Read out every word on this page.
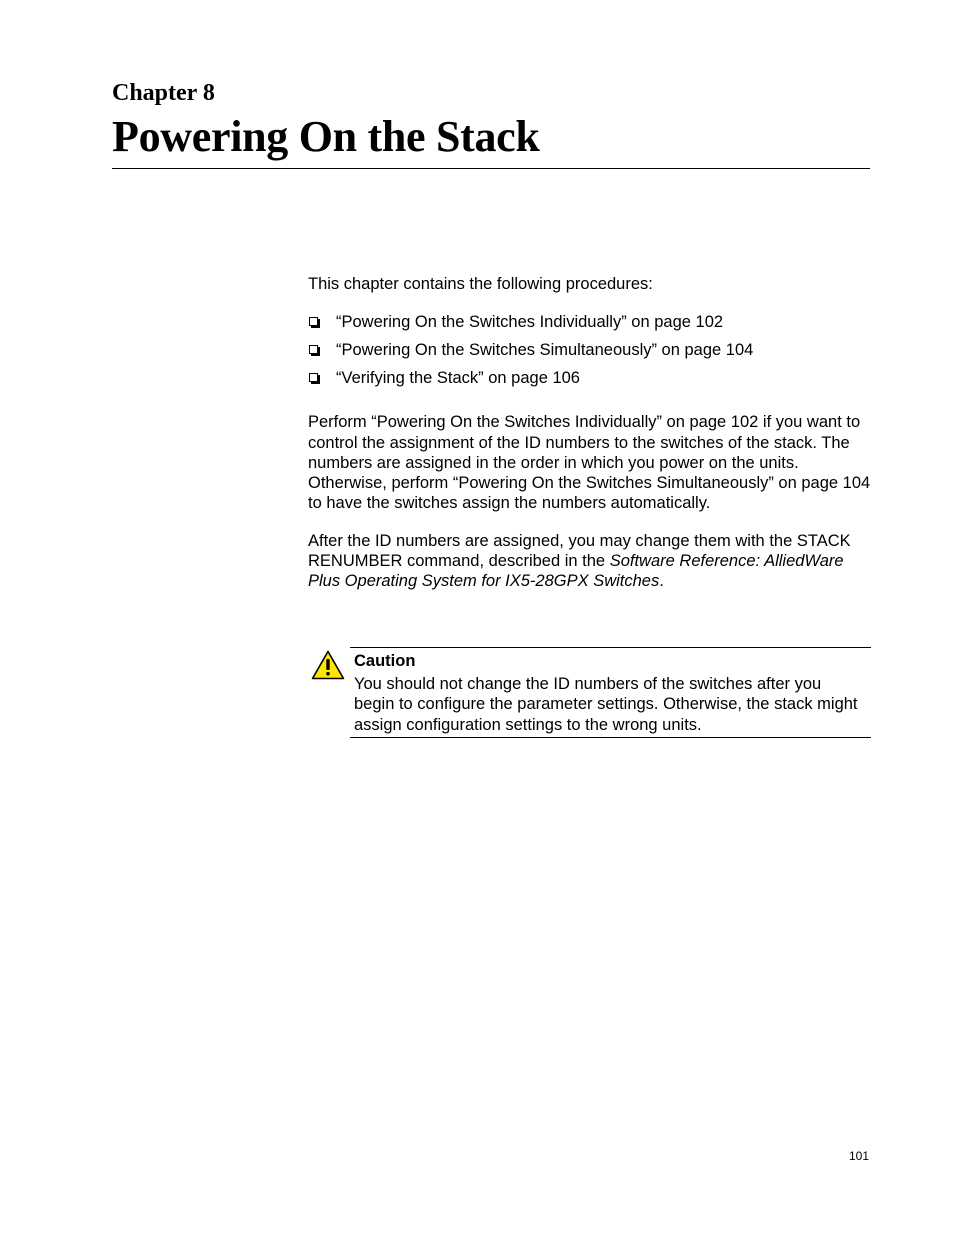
Chapter 8
Powering On the Stack

This chapter contains the following procedures:

“Powering On the Switches Individually” on page 102
“Powering On the Switches Simultaneously” on page 104
“Verifying the Stack” on page 106

Perform “Powering On the Switches Individually” on page 102 if you want to control the assignment of the ID numbers to the switches of the stack. The numbers are assigned in the order in which you power on the units. Otherwise, perform “Powering On the Switches Simultaneously” on page 104 to have the switches assign the numbers automatically.

After the ID numbers are assigned, you may change them with the STACK RENUMBER command, described in the Software Reference: AlliedWare Plus Operating System for IX5-28GPX Switches.

Caution

You should not change the ID numbers of the switches after you begin to configure the parameter settings. Otherwise, the stack might assign configuration settings to the wrong units.

101
